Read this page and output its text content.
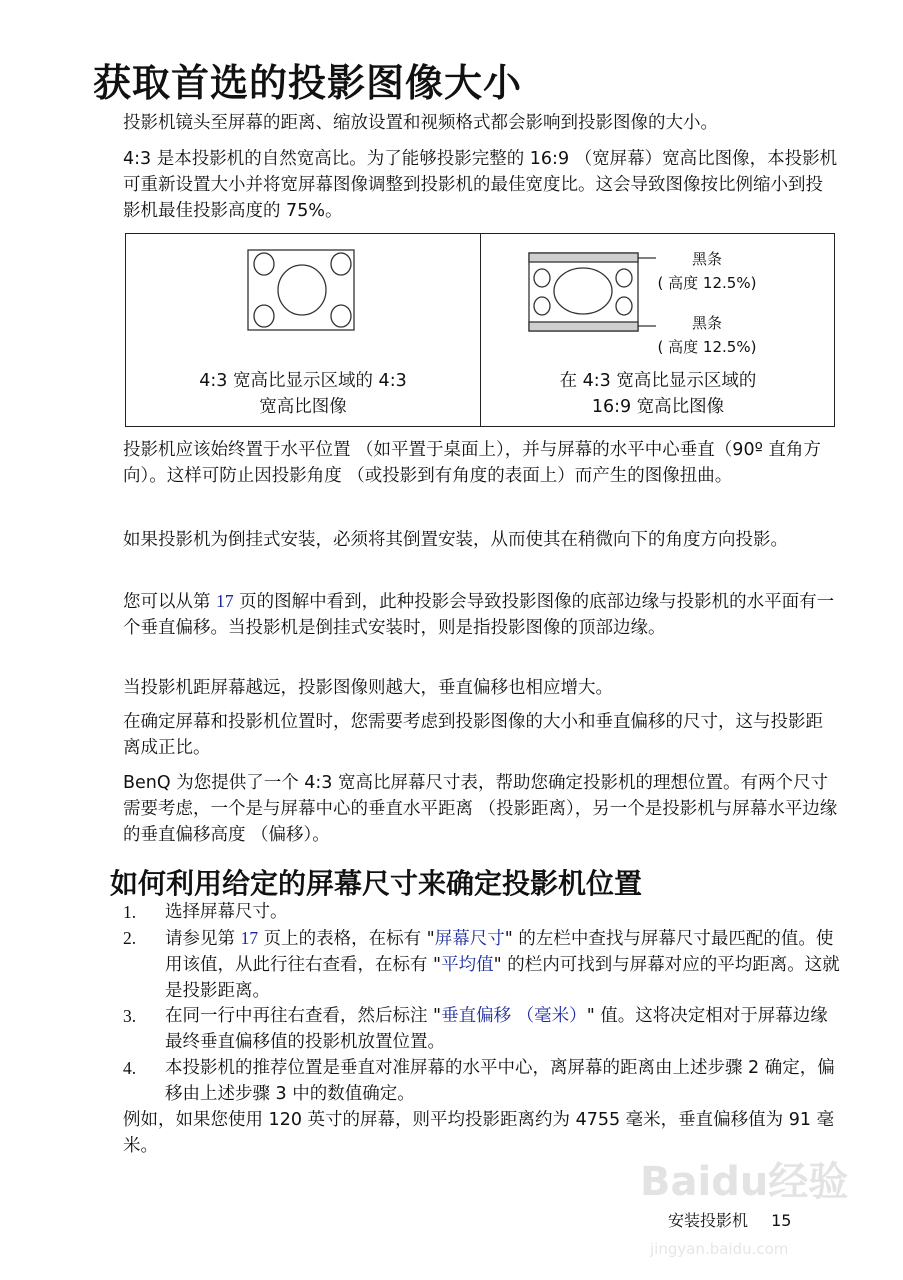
获取首选的投影图像大小
投影机镜头至屏幕的距离、缩放设置和视频格式都会影响到投影图像的大小。
4:3 是本投影机的自然宽高比。为了能够投影完整的 16:9 （宽屏幕）宽高比图像，本投影机可重新设置大小并将宽屏幕图像调整到投影机的最佳宽度比。这会导致图像按比例缩小到投影机最佳投影高度的 75%。
黑条
( 高度 12.5%)
黑条
( 高度 12.5%)
4:3 宽高比显示区域的 4:3
宽高比图像
在 4:3 宽高比显示区域的
16:9 宽高比图像
投影机应该始终置于水平位置 （如平置于桌面上），并与屏幕的水平中心垂直（90º 直角方向）。这样可防止因投影角度 （或投影到有角度的表面上）而产生的图像扭曲。
如果投影机为倒挂式安装，必须将其倒置安装，从而使其在稍微向下的角度方向投影。
您可以从第 17 页的图解中看到，此种投影会导致投影图像的底部边缘与投影机的水平面有一个垂直偏移。当投影机是倒挂式安装时，则是指投影图像的顶部边缘。
当投影机距屏幕越远，投影图像则越大，垂直偏移也相应增大。
在确定屏幕和投影机位置时，您需要考虑到投影图像的大小和垂直偏移的尺寸，这与投影距离成正比。
BenQ 为您提供了一个 4:3 宽高比屏幕尺寸表，帮助您确定投影机的理想位置。有两个尺寸需要考虑，一个是与屏幕中心的垂直水平距离 （投影距离），另一个是投影机与屏幕水平边缘的垂直偏移高度 （偏移）。
如何利用给定的屏幕尺寸来确定投影机位置
1. 选择屏幕尺寸。
2. 请参见第 17 页上的表格，在标有 "屏幕尺寸" 的左栏中查找与屏幕尺寸最匹配的值。使用该值，从此行往右查看，在标有 "平均值" 的栏内可找到与屏幕对应的平均距离。这就是投影距离。
3. 在同一行中再往右查看，然后标注 "垂直偏移 （毫米）" 值。这将决定相对于屏幕边缘最终垂直偏移值的投影机放置位置。
4. 本投影机的推荐位置是垂直对准屏幕的水平中心，离屏幕的距离由上述步骤 2 确定，偏移由上述步骤 3 中的数值确定。
例如，如果您使用 120 英寸的屏幕，则平均投影距离约为 4755 毫米，垂直偏移值为 91 毫米。
Baidu经验
jingyan.baidu.com
安装投影机 15
